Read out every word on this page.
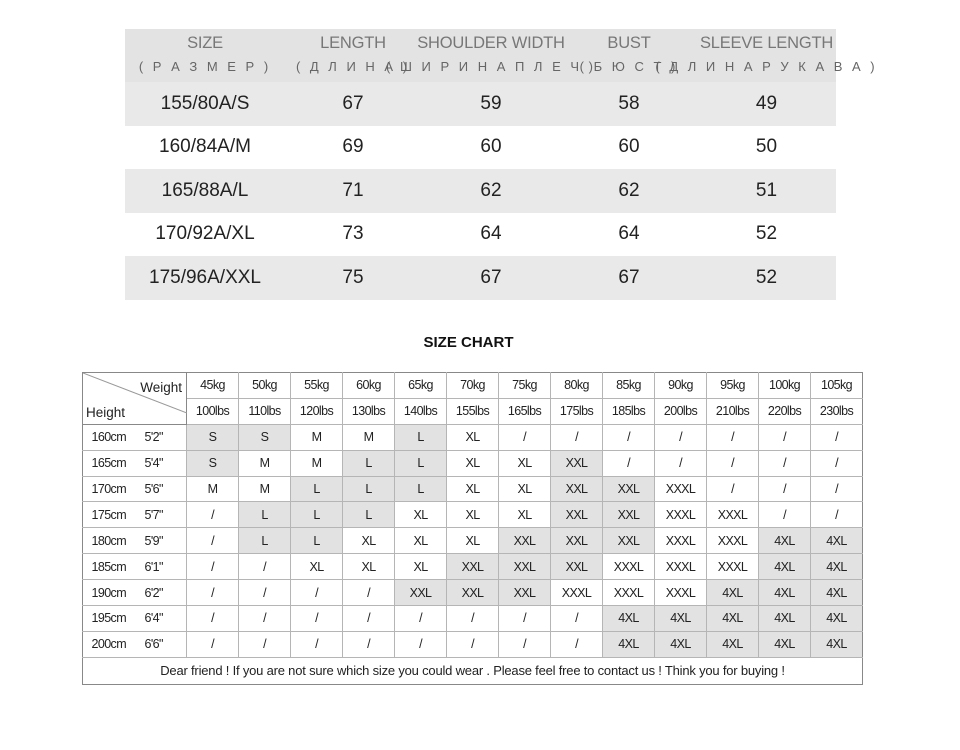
SIZE
( Р А З М Е Р )
LENGTH
( Д Л И Н А )
SHOULDER WIDTH
( Ш И Р И Н А П Л Е Ч )
BUST
( Б Ю С Т )
SLEEVE LENGTH
( Д Л И Н А Р У К А В А )
155/80A/S	67	59	58	49
160/84A/M	69	60	60	50
165/88A/L	71	62	62	51
170/92A/XL	73	64	64	52
175/96A/XXL	75	67	67	52
SIZE CHART
Weight
Height		45kg	50kg	55kg	60kg	65kg	70kg	75kg	80kg	85kg	90kg	95kg	100kg	105kg
		100lbs	110lbs	120lbs	130lbs	140lbs	155lbs	165lbs	175lbs	185lbs	200lbs	210lbs	220lbs	230lbs
160cm	5'2"	S	S	M	M	L	XL	/	/	/	/	/	/	/
165cm	5'4"	S	M	M	L	L	XL	XL	XXL	/	/	/	/	/
170cm	5'6"	M	M	L	L	L	XL	XL	XXL	XXL	XXXL	/	/	/
175cm	5'7"	/	L	L	L	XL	XL	XL	XXL	XXL	XXXL	XXXL	/	/
180cm	5'9"	/	L	L	XL	XL	XL	XXL	XXL	XXL	XXXL	XXXL	4XL	4XL
185cm	6'1"	/	/	XL	XL	XL	XXL	XXL	XXL	XXXL	XXXL	XXXL	4XL	4XL
190cm	6'2"	/	/	/	/	XXL	XXL	XXL	XXXL	XXXL	XXXL	4XL	4XL	4XL
195cm	6'4"	/	/	/	/	/	/	/	/	4XL	4XL	4XL	4XL	4XL
200cm	6'6"	/	/	/	/	/	/	/	/	4XL	4XL	4XL	4XL	4XL
Dear friend ! If you are not sure which size you could wear . Please feel free to contact us ! Think you for buying !														
